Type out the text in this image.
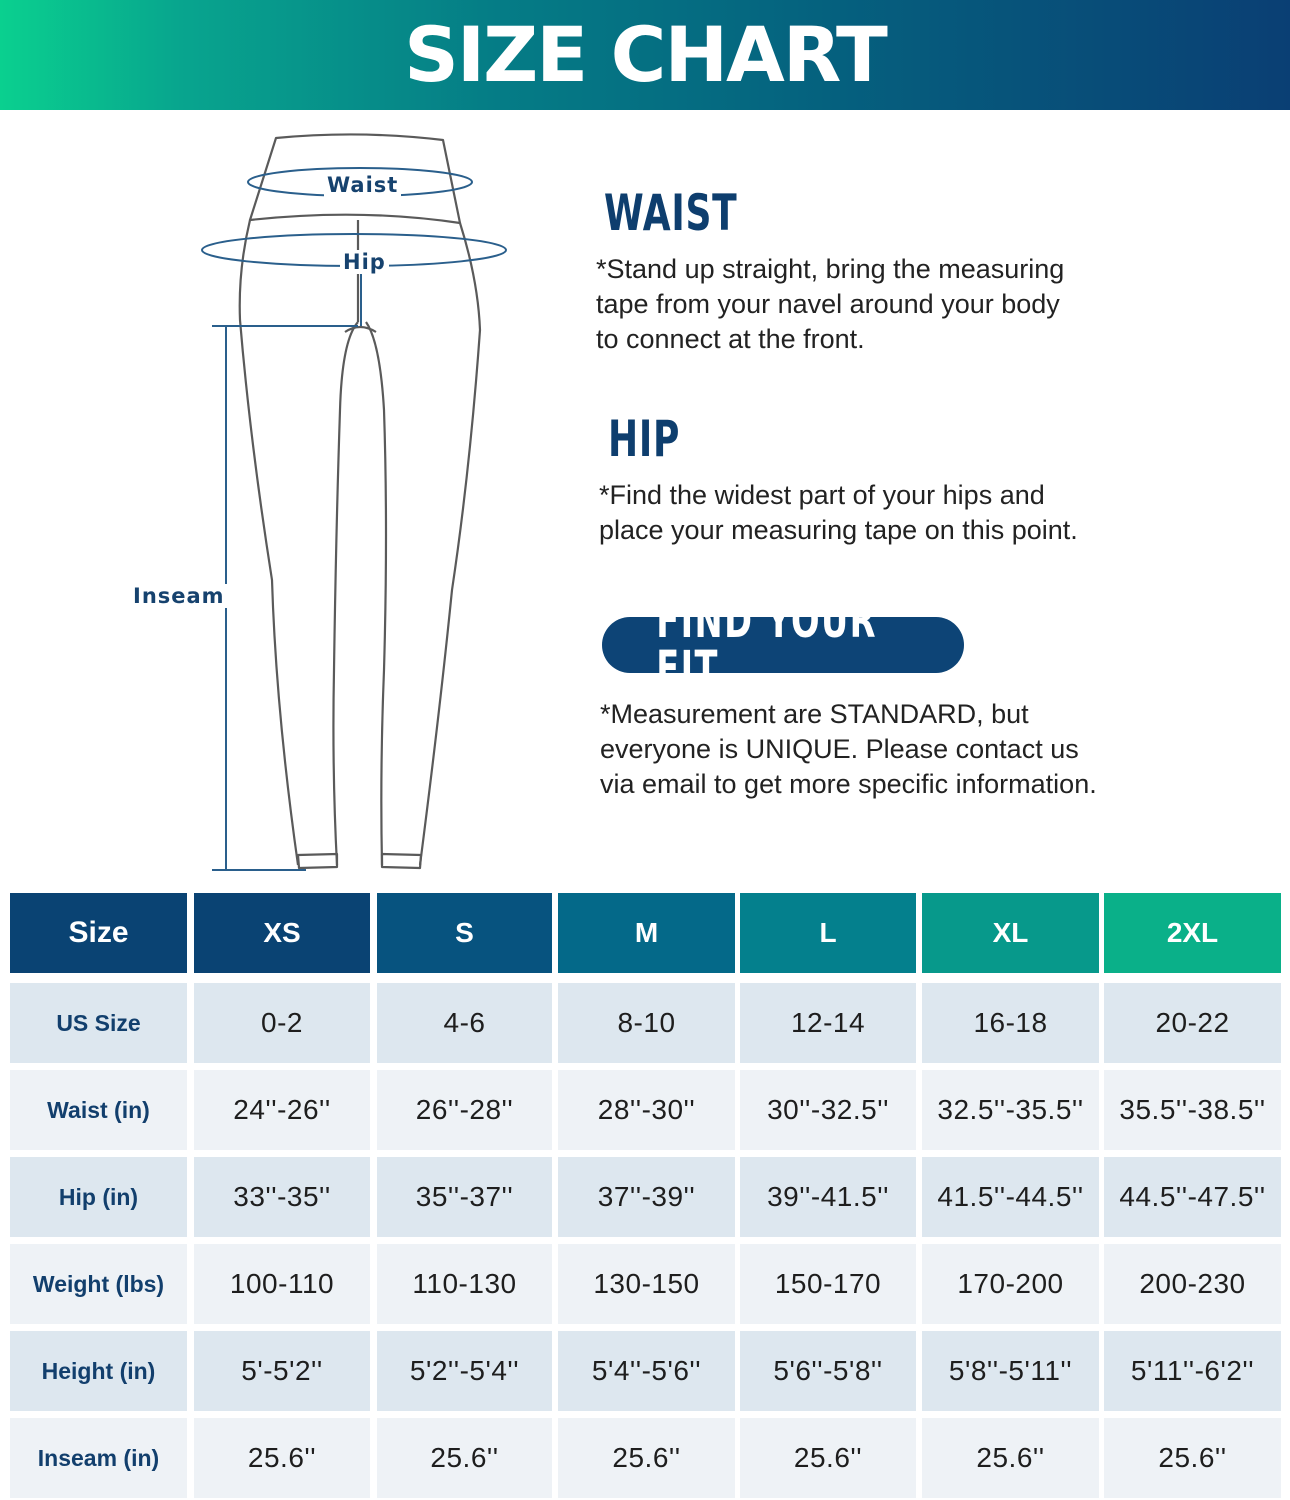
SIZE CHART
Waist
Hip
Inseam
WAIST
*Stand up straight, bring the measuring
tape from your navel around your body
to connect at the front.
HIP
*Find the widest part of your hips and
place your measuring tape on this point.
FIND YOUR FIT
*Measurement are STANDARD, but
everyone is UNIQUE. Please contact us
via email to get more specific information.
Size	XS	S	M	L	XL	2XL
US Size	0-2	4-6	8-10	12-14	16-18	20-22
Waist (in)	24''-26''	26''-28''	28''-30''	30''-32.5''	32.5''-35.5''	35.5''-38.5''
Hip (in)	33''-35''	35''-37''	37''-39''	39''-41.5''	41.5''-44.5''	44.5''-47.5''
Weight (lbs)	100-110	110-130	130-150	150-170	170-200	200-230
Height (in)	5'-5'2''	5'2''-5'4''	5'4''-5'6''	5'6''-5'8''	5'8''-5'11''	5'11''-6'2''
Inseam (in)	25.6''	25.6''	25.6''	25.6''	25.6''	25.6''
